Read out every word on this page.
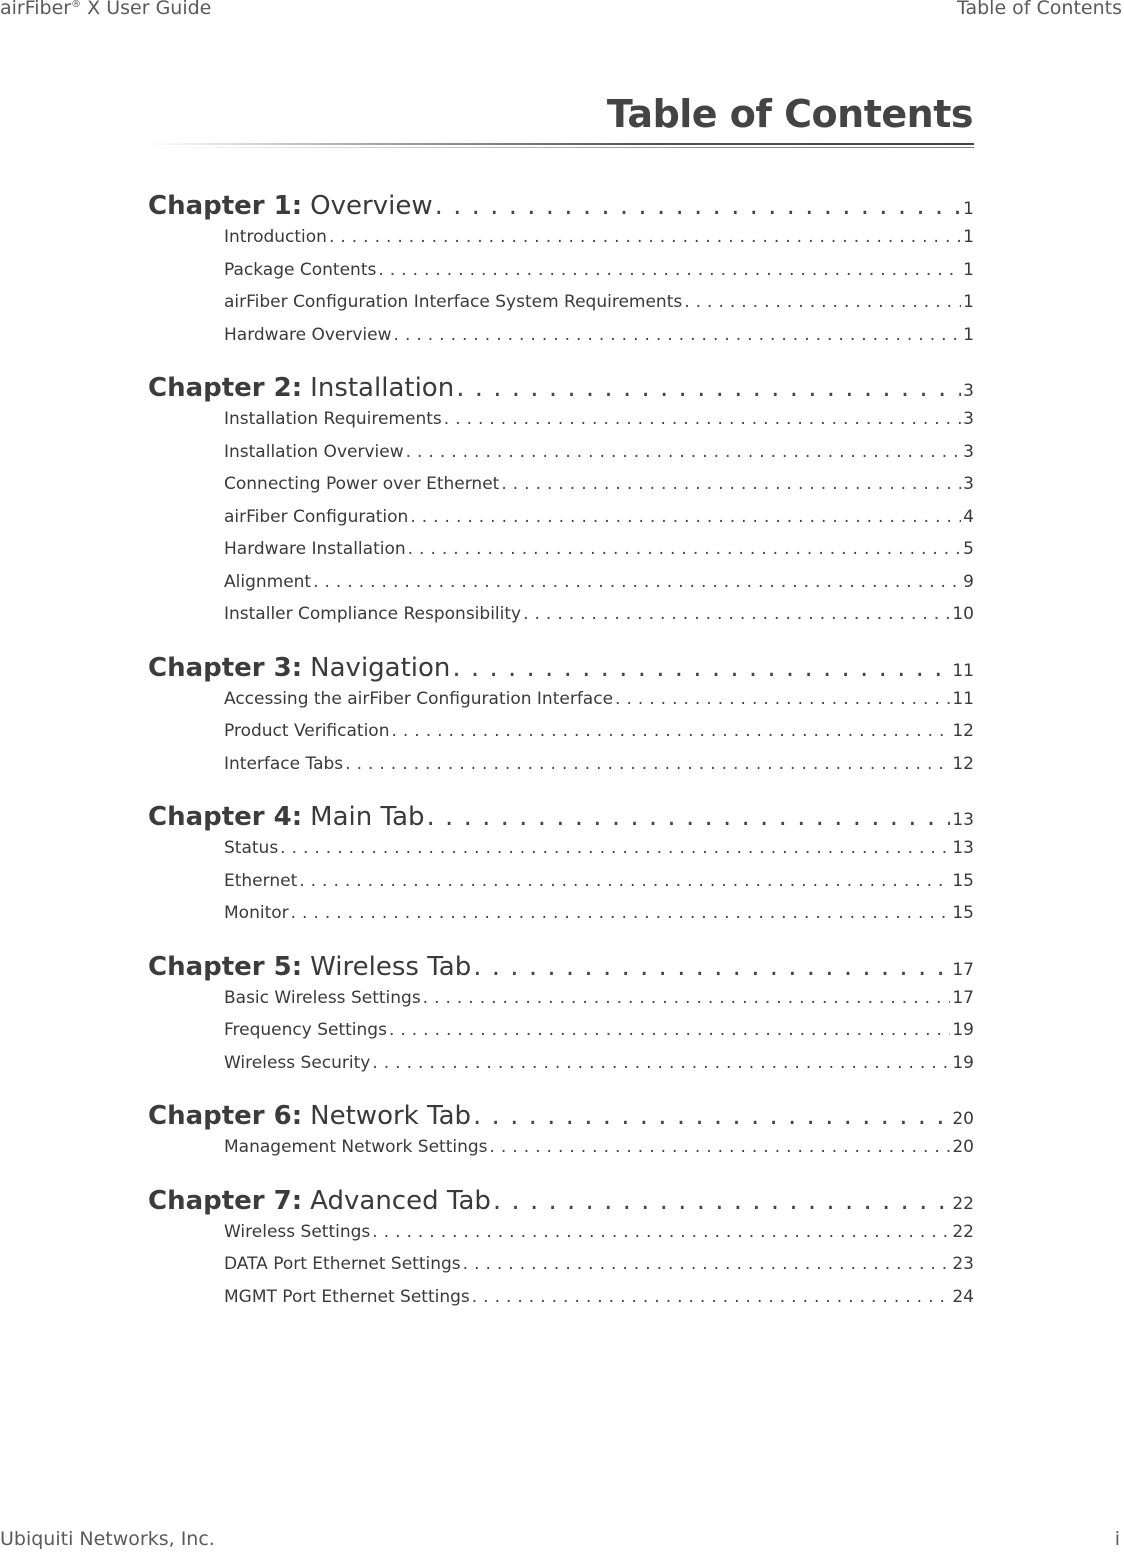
airFiber® X User Guide	Table of Contents
Table of Contents
Chapter 1: Overview . . .	1
Introduction . . .	1
Package Contents . . .	1
airFiber Configuration Interface System Requirements . . .	1
Hardware Overview . . .	1
Chapter 2: Installation . . .	3
Installation Requirements . . .	3
Installation Overview . . .	3
Connecting Power over Ethernet . . .	3
airFiber Configuration . . .	4
Hardware Installation . . .	5
Alignment . . .	9
Installer Compliance Responsibility . . .	10
Chapter 3: Navigation . . .	11
Accessing the airFiber Configuration Interface . . .	11
Product Verification . . .	12
Interface Tabs . . .	12
Chapter 4: Main Tab . . .	13
Status . . .	13
Ethernet . . .	15
Monitor . . .	15
Chapter 5: Wireless Tab . . .	17
Basic Wireless Settings . . .	17
Frequency Settings . . .	19
Wireless Security . . .	19
Chapter 6: Network Tab . . .	20
Management Network Settings . . .	20
Chapter 7: Advanced Tab . . .	22
Wireless Settings . . .	22
DATA Port Ethernet Settings . . .	23
MGMT Port Ethernet Settings . . .	24
Ubiquiti Networks, Inc.	i
